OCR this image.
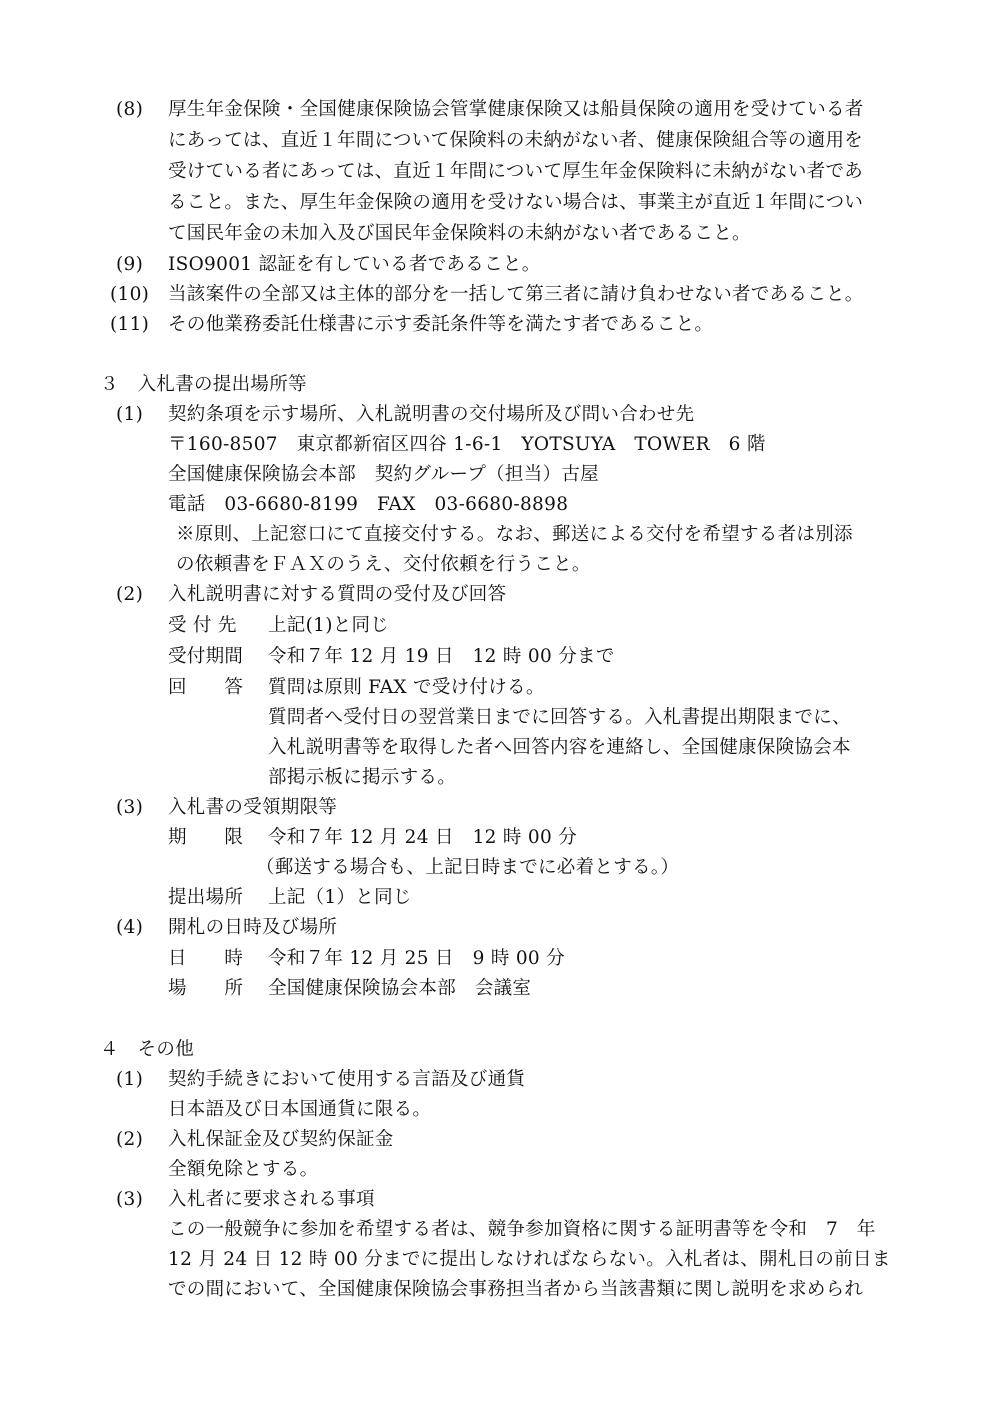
(8) 厚生年金保険・全国健康保険協会管掌健康保険又は船員保険の適用を受けている者
にあっては、直近１年間について保険料の未納がない者、健康保険組合等の適用を
受けている者にあっては、直近１年間について厚生年金保険料に未納がない者であ
ること。また、厚生年金保険の適用を受けない場合は、事業主が直近１年間につい
て国民年金の未加入及び国民年金保険料の未納がない者であること。
(9) ISO9001 認証を有している者であること。
(10) 当該案件の全部又は主体的部分を一括して第三者に請け負わせない者であること。
(11) その他業務委託仕様書に示す委託条件等を満たす者であること。
３　入札書の提出場所等
(1) 契約条項を示す場所、入札説明書の交付場所及び問い合わせ先
〒160-8507　東京都新宿区四谷 1-6-1　YOTSUYA　TOWER　6 階
全国健康保険協会本部　契約グループ（担当）古屋
電話　03-6680-8199　FAX　03-6680-8898
※原則、上記窓口にて直接交付する。なお、郵送による交付を希望する者は別添
の依頼書をＦＡＸのうえ、交付依頼を行うこと。
(2) 入札説明書に対する質問の受付及び回答
受 付 先 上記(1)と同じ
受付期間 令和７年 12 月 19 日　12 時 00 分まで
回　　答 質問は原則 FAX で受け付ける。
質問者へ受付日の翌営業日までに回答する。入札書提出期限までに、
入札説明書等を取得した者へ回答内容を連絡し、全国健康保険協会本
部掲示板に掲示する。
(3) 入札書の受領期限等
期　　限 令和７年 12 月 24 日　12 時 00 分
（郵送する場合も、上記日時までに必着とする。）
提出場所 上記（1）と同じ
(4) 開札の日時及び場所
日　　時 令和７年 12 月 25 日　9 時 00 分
場　　所 全国健康保険協会本部　会議室
４　その他
(1) 契約手続きにおいて使用する言語及び通貨
日本語及び日本国通貨に限る。
(2) 入札保証金及び契約保証金
全額免除とする。
(3) 入札者に要求される事項
この一般競争に参加を希望する者は、競争参加資格に関する証明書等を令和　7　年
12 月 24 日 12 時 00 分までに提出しなければならない。入札者は、開札日の前日ま
での間において、全国健康保険協会事務担当者から当該書類に関し説明を求められ
